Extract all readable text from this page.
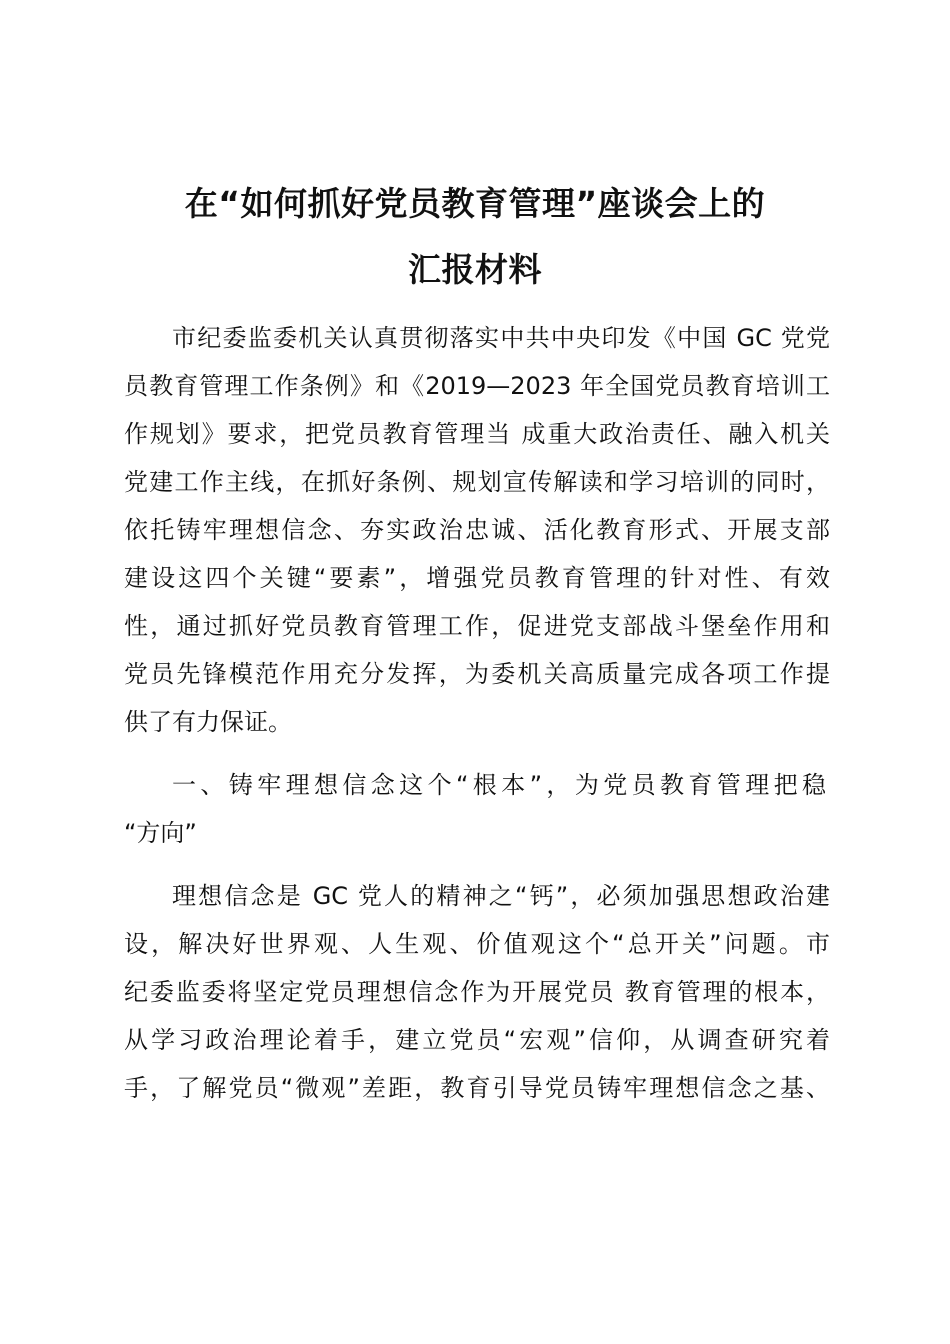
在“如何抓好党员教育管理”座谈会上的
汇报材料
市纪委监委机关认真贯彻落实中共中央印发《中国 GC 党党
员教育管理工作条例》和《2019—2023 年全国党员教育培训工
作规划》要求，把党员教育管理当 成重大政治责任、融入机关
党建工作主线，在抓好条例、规划宣传解读和学习培训的同时，
依托铸牢理想信念、夯实政治忠诚、活化教育形式、开展支部
建设这四个关键“要素”，增强党员教育管理的针对性、有效
性，通过抓好党员教育管理工作，促进党支部战斗堡垒作用和
党员先锋模范作用充分发挥，为委机关高质量完成各项工作提
供了有力保证。
一、铸牢理想信念这个“根本”，为党员教育管理把稳
“方向”
理想信念是 GC 党人的精神之“钙”，必须加强思想政治建
设，解决好世界观、人生观、价值观这个“总开关”问题。市
纪委监委将坚定党员理想信念作为开展党员 教育管理的根本，
从学习政治理论着手，建立党员“宏观”信仰，从调查研究着
手，了解党员“微观”差距，教育引导党员铸牢理想信念之基、
